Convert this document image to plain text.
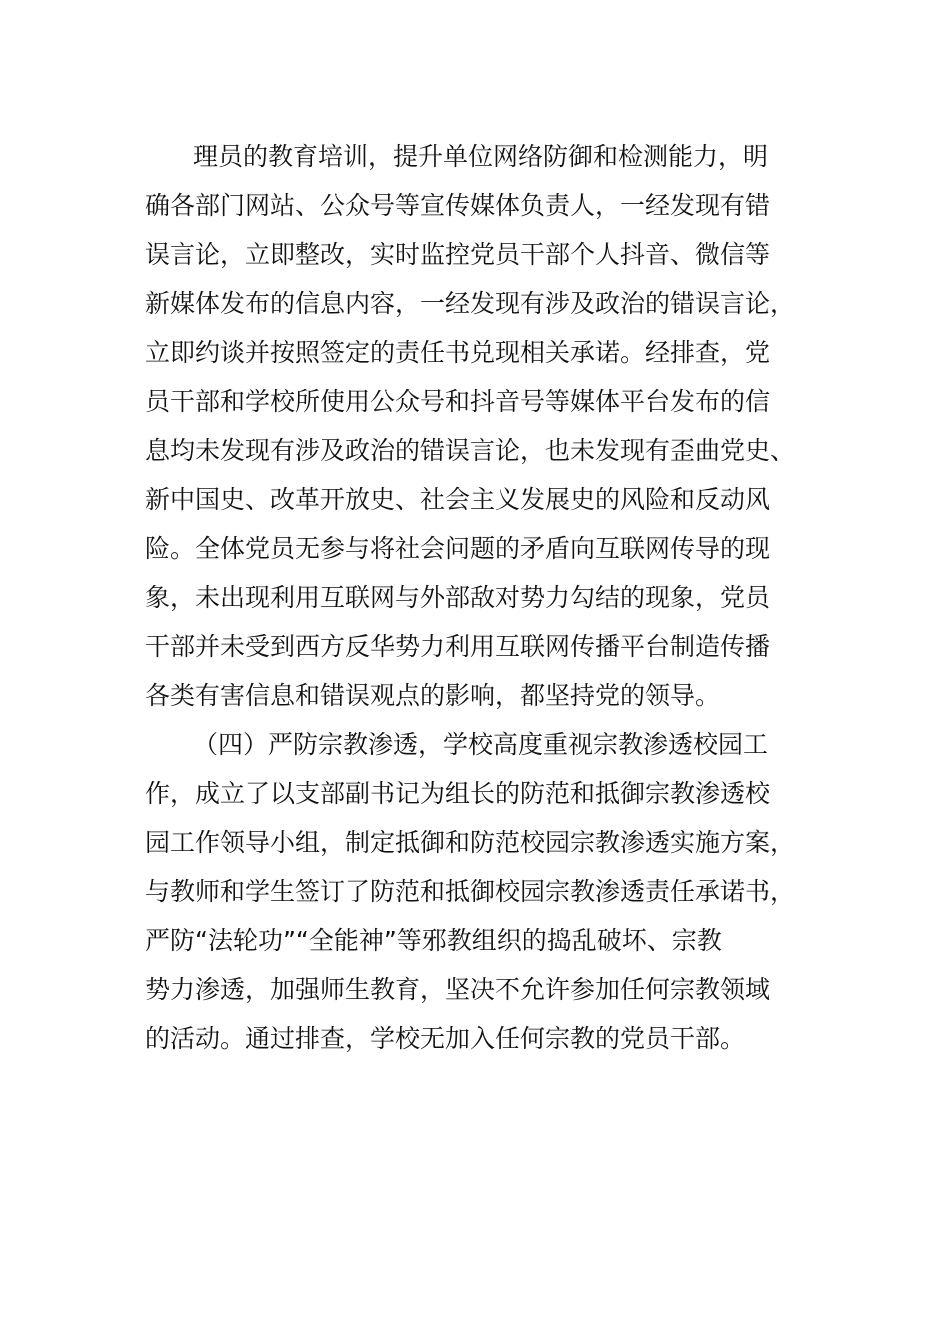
理员的教育培训，提升单位网络防御和检测能力，明
确各部门网站、公众号等宣传媒体负责人，一经发现有错
误言论，立即整改，实时监控党员干部个人抖音、微信等
新媒体发布的信息内容，一经发现有涉及政治的错误言论，
立即约谈并按照签定的责任书兑现相关承诺。经排查，党
员干部和学校所使用公众号和抖音号等媒体平台发布的信
息均未发现有涉及政治的错误言论，也未发现有歪曲党史、
新中国史、改革开放史、社会主义发展史的风险和反动风
险。全体党员无参与将社会问题的矛盾向互联网传导的现
象，未出现利用互联网与外部敌对势力勾结的现象，党员
干部并未受到西方反华势力利用互联网传播平台制造传播
各类有害信息和错误观点的影响，都坚持党的领导。
（四）严防宗教渗透，学校高度重视宗教渗透校园工
作，成立了以支部副书记为组长的防范和抵御宗教渗透校
园工作领导小组，制定抵御和防范校园宗教渗透实施方案，
与教师和学生签订了防范和抵御校园宗教渗透责任承诺书，
严防“法轮功”“全能神”等邪教组织的捣乱破坏、宗教
势力渗透，加强师生教育，坚决不允许参加任何宗教领域
的活动。通过排查，学校无加入任何宗教的党员干部。
